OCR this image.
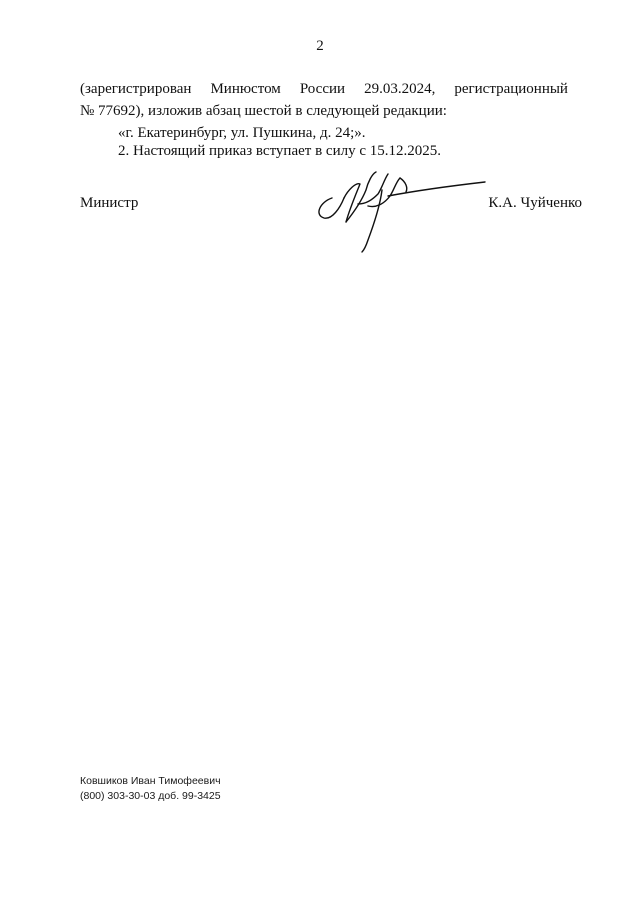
2
(зарегистрирован Минюстом России 29.03.2024, регистрационный
№ 77692), изложив абзац шестой в следующей редакции:
«г. Екатеринбург, ул. Пушкина, д. 24;».
2. Настоящий приказ вступает в силу с 15.12.2025.
Министр	К.А. Чуйченко
Ковшиков Иван Тимофеевич
(800) 303-30-03 доб. 99-3425
